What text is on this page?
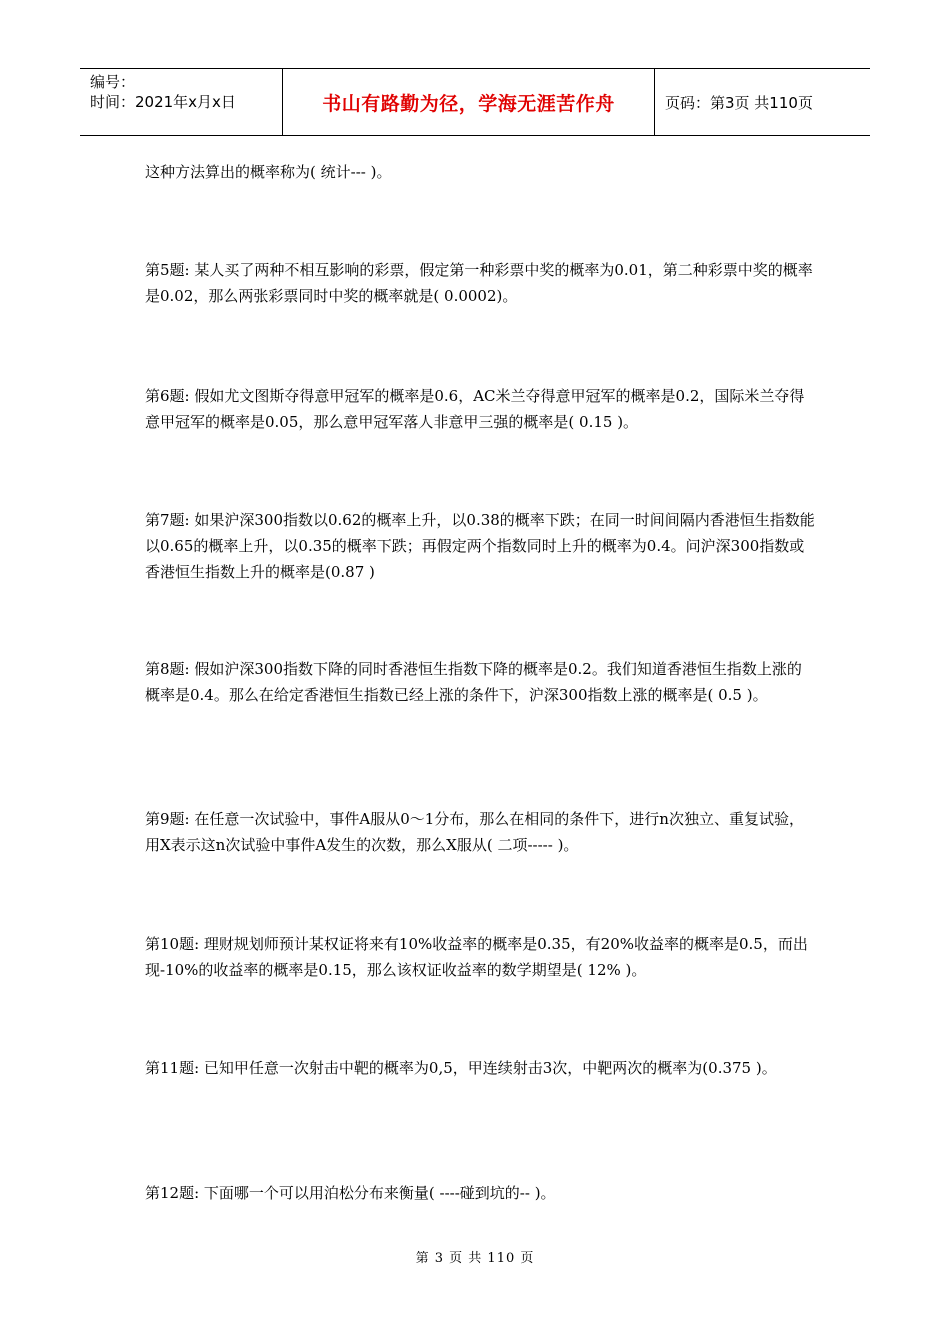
编号：
时间：2021年x月x日	书山有路勤为径，学海无涯苦作舟	页码：第3页 共110页
这种方法算出的概率称为( 统计--- )。
第5题: 某人买了两种不相互影响的彩票，假定第一种彩票中奖的概率为0.01，第二种彩票中奖的概率是0.02，那么两张彩票同时中奖的概率就是( 0.0002)。
第6题: 假如尤文图斯夺得意甲冠军的概率是0.6，AC米兰夺得意甲冠军的概率是0.2，国际米兰夺得意甲冠军的概率是0.05，那么意甲冠军落人非意甲三强的概率是( 0.15 )。
第7题: 如果沪深300指数以0.62的概率上升，以0.38的概率下跌；在同一时间间隔内香港恒生指数能以0.65的概率上升，以0.35的概率下跌；再假定两个指数同时上升的概率为0.4。问沪深300指数或香港恒生指数上升的概率是(0.87 )
第8题: 假如沪深300指数下降的同时香港恒生指数下降的概率是0.2。我们知道香港恒生指数上涨的概率是0.4。那么在给定香港恒生指数已经上涨的条件下，沪深300指数上涨的概率是( 0.5 )。
第9题: 在任意一次试验中，事件A服从0～1分布，那么在相同的条件下，进行n次独立、重复试验，用X表示这n次试验中事件A发生的次数，那么X服从( 二项----- )。
第10题: 理财规划师预计某权证将来有10%收益率的概率是0.35，有20%收益率的概率是0.5，而出现-10%的收益率的概率是0.15，那么该权证收益率的数学期望是( 12% )。
第11题: 已知甲任意一次射击中靶的概率为0,5，甲连续射击3次，中靶两次的概率为(0.375 )。
第12题: 下面哪一个可以用泊松分布来衡量( ----碰到坑的-- )。
第 3 页 共 110 页
